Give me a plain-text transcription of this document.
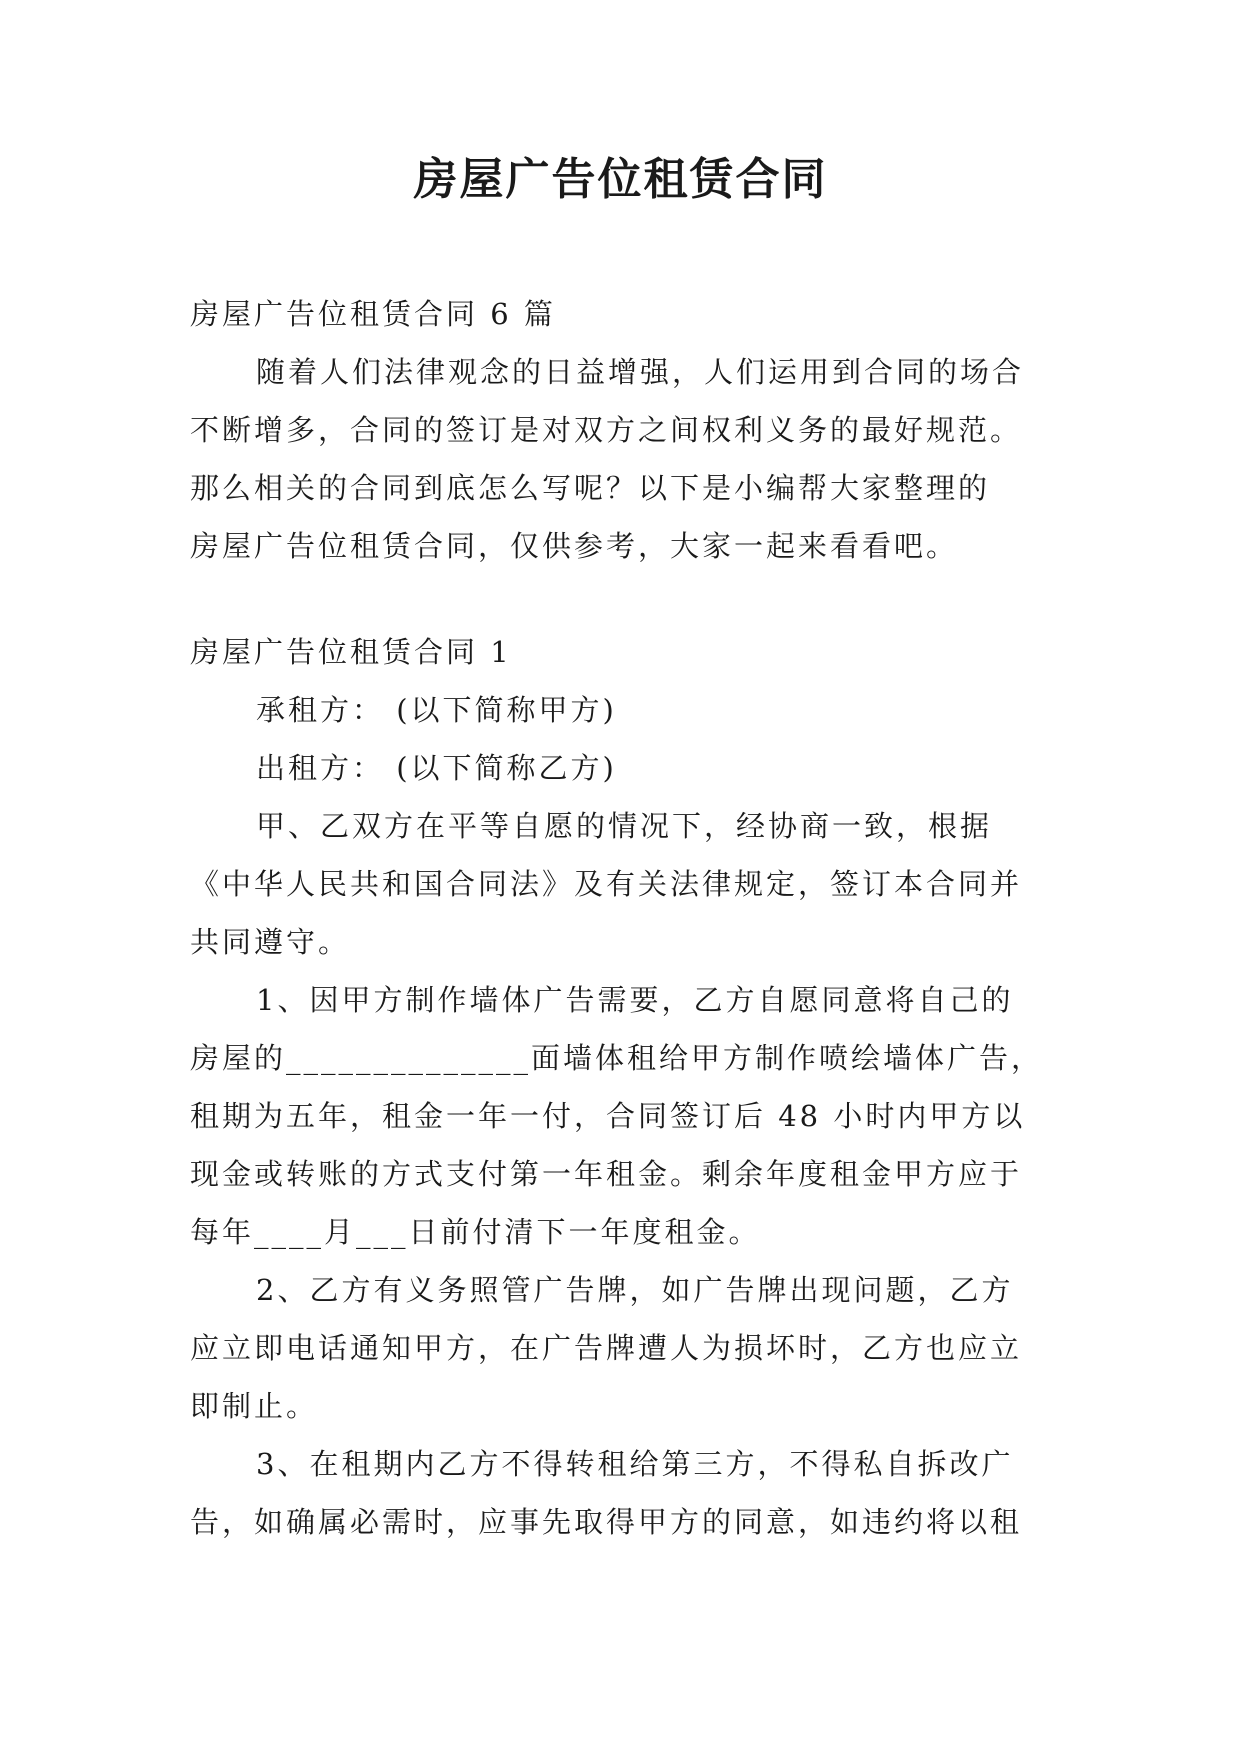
房屋广告位租赁合同
房屋广告位租赁合同 6 篇
随着人们法律观念的日益增强，人们运用到合同的场合
不断增多，合同的签订是对双方之间权利义务的最好规范。
那么相关的合同到底怎么写呢？以下是小编帮大家整理的
房屋广告位租赁合同，仅供参考，大家一起来看看吧。
房屋广告位租赁合同 1
承租方： (以下简称甲方)
出租方： (以下简称乙方)
甲、乙双方在平等自愿的情况下，经协商一致，根据
《中华人民共和国合同法》及有关法律规定，签订本合同并
共同遵守。
1、因甲方制作墙体广告需要，乙方自愿同意将自己的
房屋的______________面墙体租给甲方制作喷绘墙体广告，
租期为五年，租金一年一付，合同签订后 48 小时内甲方以
现金或转账的方式支付第一年租金。剩余年度租金甲方应于
每年____月___日前付清下一年度租金。
2、乙方有义务照管广告牌，如广告牌出现问题，乙方
应立即电话通知甲方，在广告牌遭人为损坏时，乙方也应立
即制止。
3、在租期内乙方不得转租给第三方，不得私自拆改广
告，如确属必需时，应事先取得甲方的同意，如违约将以租
